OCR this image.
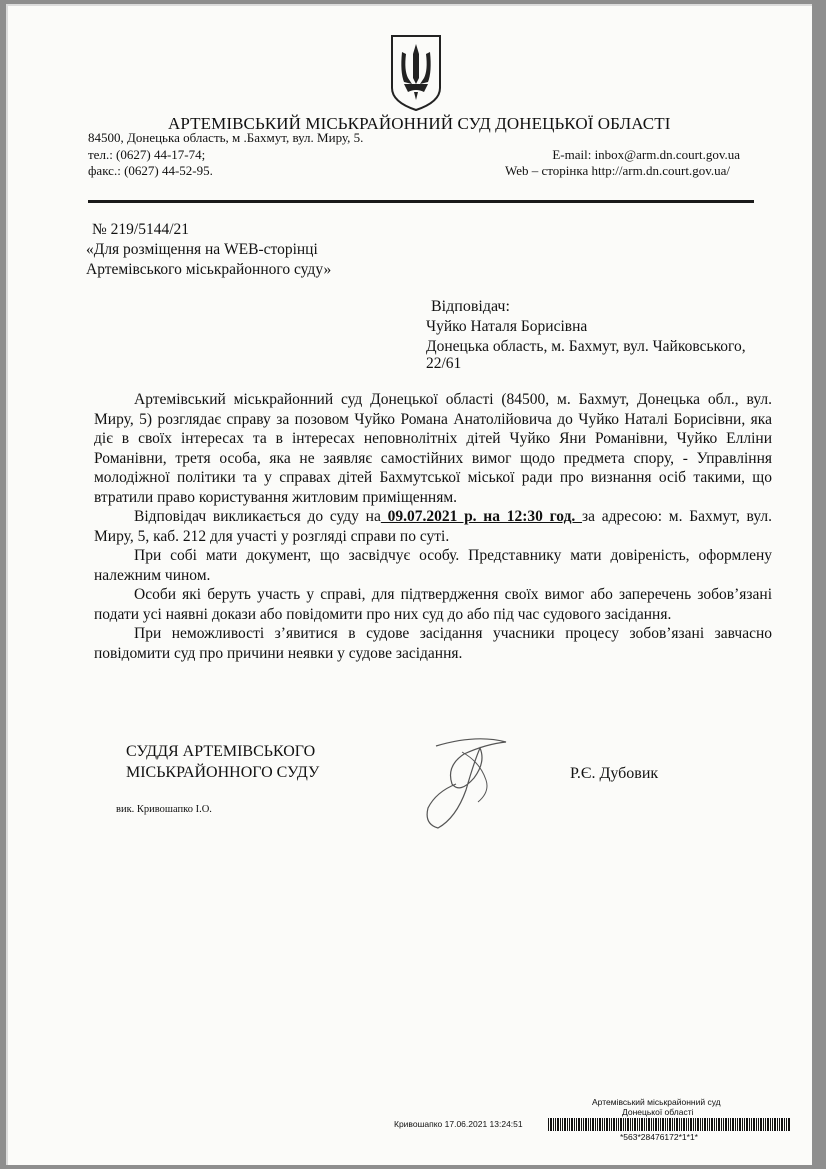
АРТЕМІВСЬКИЙ МІСЬКРАЙОННИЙ СУД ДОНЕЦЬКОЇ ОБЛАСТІ
84500, Донецька область, м .Бахмут, вул. Миру, 5.
тел.: (0627) 44-17-74;
факс.: (0627) 44-52-95.
E-mail: inbox@arm.dn.court.gov.ua
Web – сторінка http://arm.dn.court.gov.ua/
№ 219/5144/21
«Для розміщення на WEB-сторінці
Артемівського міськрайонного суду»
Відповідач:
Чуйко Наталя Борисівна
Донецька область, м. Бахмут, вул. Чайковського,
22/61

Артемівський міськрайонний суд Донецької області (84500, м. Бахмут, Донецька обл., вул. Миру, 5) розглядає справу за позовом Чуйко Романа Анатолійовича до Чуйко Наталі Борисівни, яка діє в своїх інтересах та в інтересах неповнолітніх дітей Чуйко Яни Романівни, Чуйко Елліни Романівни, третя особа, яка не заявляє самостійних вимог щодо предмета спору, - Управління молодіжної політики та у справах дітей Бахмутської міської ради про визнання осіб такими, що втратили право користування житловим приміщенням.

Відповідач викликається до суду на 09.07.2021 р. на 12:30 год. за адресою: м. Бахмут, вул. Миру, 5, каб. 212 для участі у розгляді справи по суті.

При собі мати документ, що засвідчує особу. Представнику мати довіреність, оформлену належним чином.

Особи які беруть участь у справі, для підтвердження своїх вимог або заперечень зобов’язані подати усі наявні докази або повідомити про них суд до або під час судового засідання.

При неможливості з’явитися в судове засідання учасники процесу зобов’язані завчасно повідомити суд про причини неявки у судове засідання.

СУДДЯ АРТЕМІВСЬКОГО
МІСЬКРАЙОННОГО СУДУ	Р.Є. Дубовик
вик. Кривошапко І.О.
Артемівський міськрайонний суд
Донецької області
Кривошапко 17.06.2021 13:24:51
*563*28476172*1*1*
